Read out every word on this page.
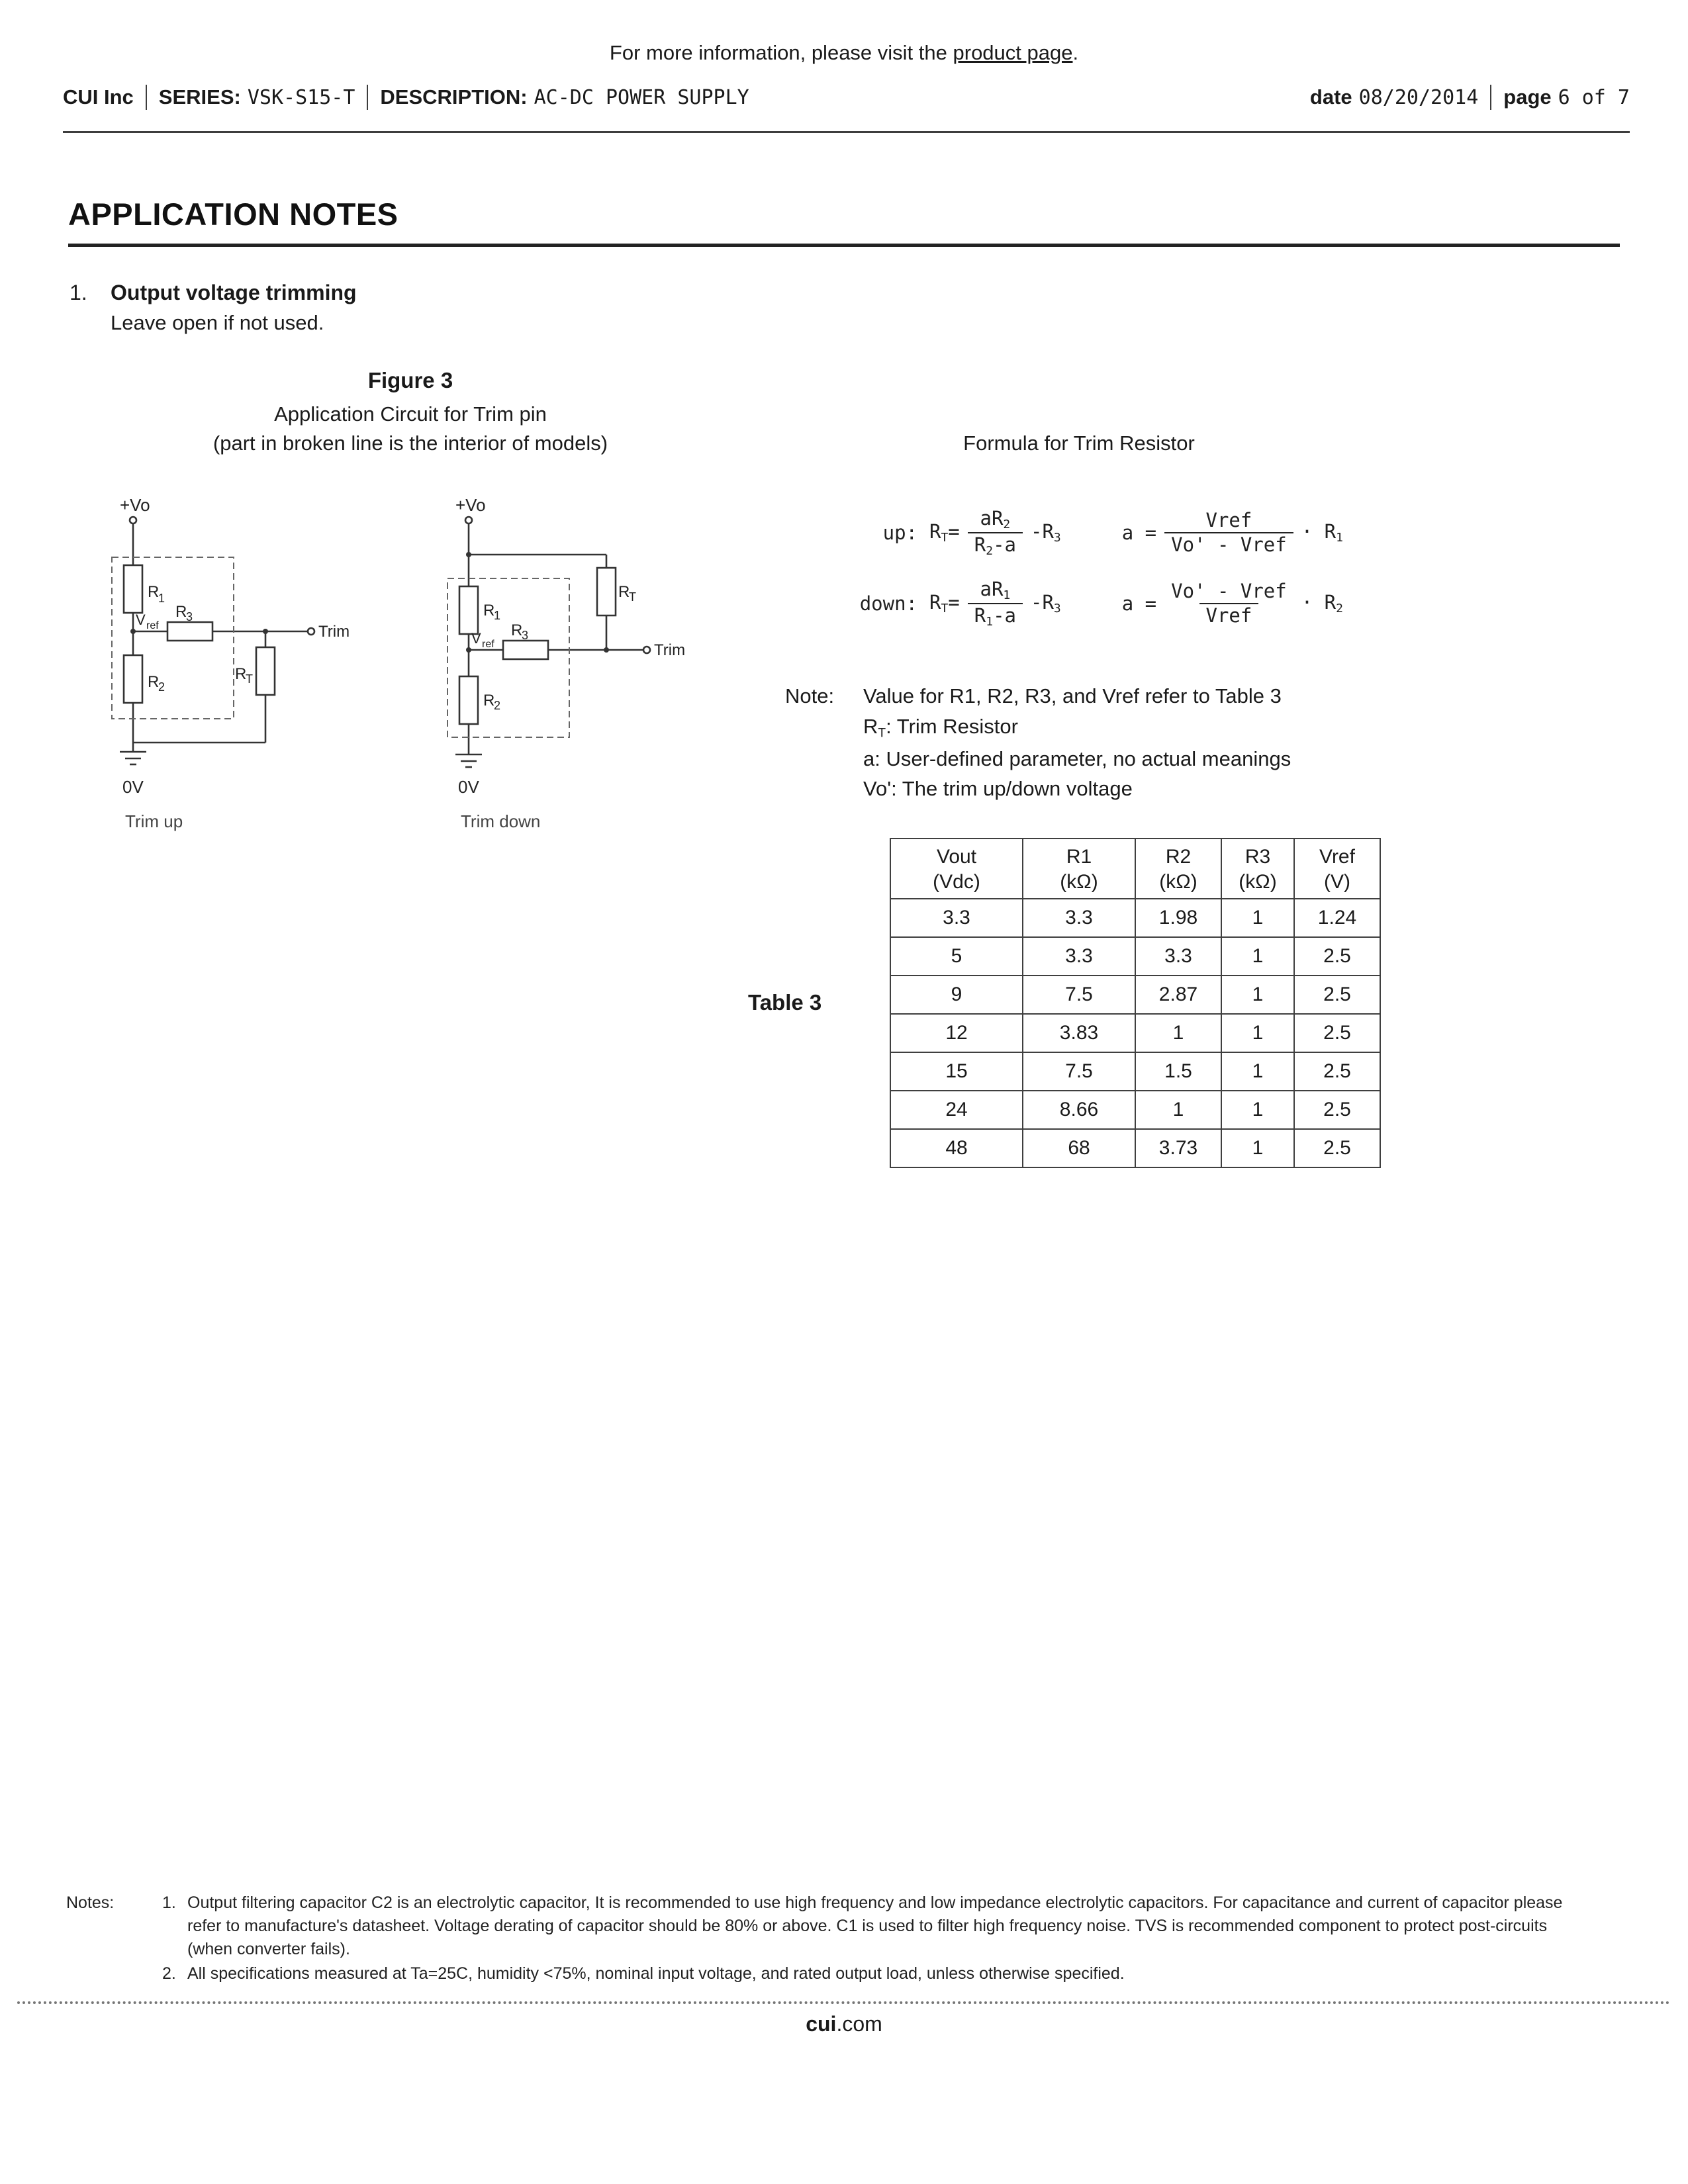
For more information, please visit the product page.
CUI Inc SERIES: VSK-S15-T DESCRIPTION: AC-DC POWER SUPPLY	date 08/20/2014 page 6 of 7
APPLICATION NOTES
1.	Output voltage trimming
Leave open if not used.
Figure 3
Application Circuit for Trim pin
(part in broken line is the interior of models)	Formula for Trim Resistor
+Vo
R
1
V ref
R
3
Trim
R
T
R
2
0V
Trim up
+Vo
R
T
R
1
V ref
R
3
Trim
R
2
0V
Trim down
up: $R_T= \frac{aR_2}{R_2-a} -R_3$	$a = \frac{\text{Vref}}{\text{Vo' - Vref}} \cdot R_1$
down: $R_T= \frac{aR_1}{R_1-a} -R_3$	$a = \frac{\text{Vo' - Vref}}{\text{Vref}} \cdot R_2$
Note:	Value for R1, R2, R3, and Vref refer to Table 3
$R_T$: Trim Resistor
a: User-defined parameter, no actual meanings
Vo': The trim up/down voltage
Table 3
Vout
(Vdc)

R1
(kΩ)

R2
(kΩ)

R3
(kΩ)

Vref
(V)

3.3	3.3	1.98	1	1.24
5	3.3	3.3	1	2.5
9	7.5	2.87	1	2.5
12	3.83	1	1	2.5
15	7.5	1.5	1	2.5
24	8.66	1	1	2.5
48	68	3.73	1	2.5
Notes:	1. Output filtering capacitor C2 is an electrolytic capacitor, It is recommended to use high frequency and low impedance electrolytic capacitors. For capacitance and current of capacitor please refer to manufacture's datasheet. Voltage derating of capacitor should be 80% or above. C1 is used to filter high frequency noise. TVS is recommended component to protect post-circuits (when converter fails).
2. All specifications measured at Ta=25C, humidity <75%, nominal input voltage, and rated output load, unless otherwise specified.
cui.com
